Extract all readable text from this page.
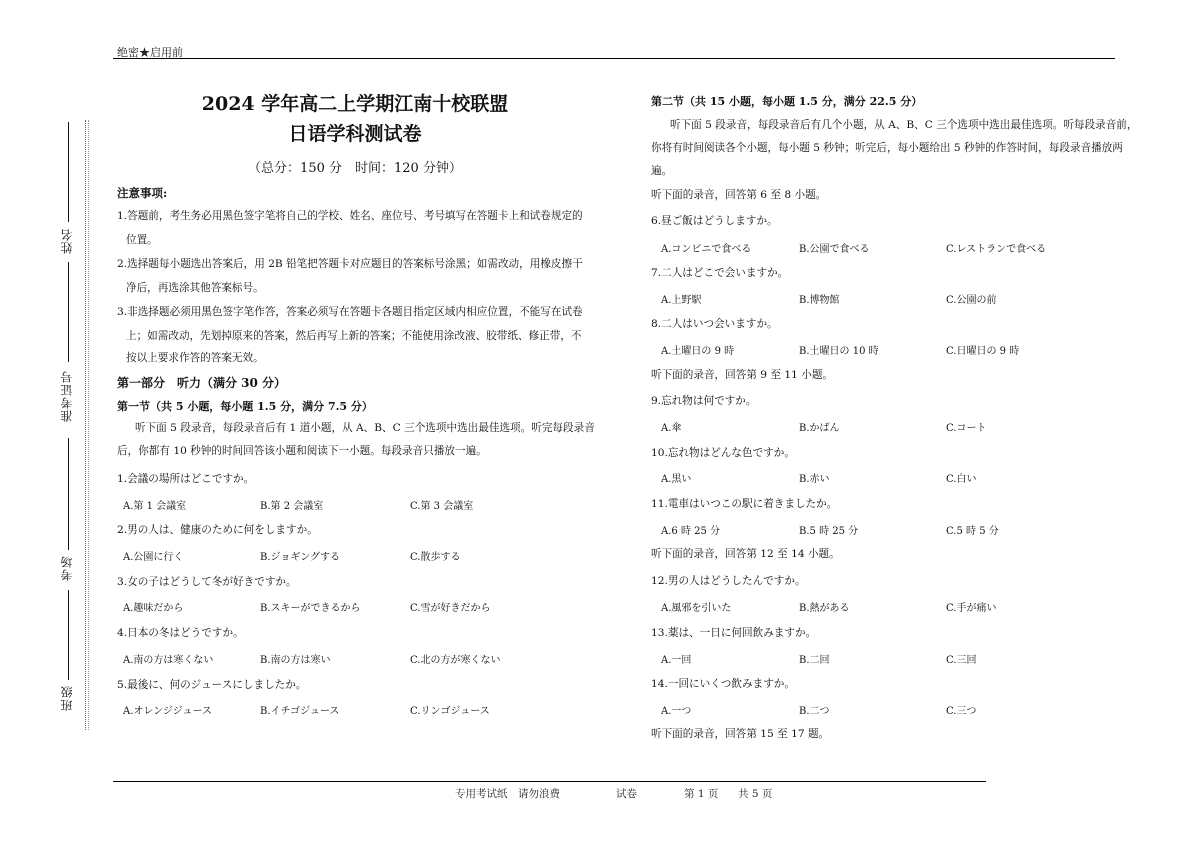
绝密★启用前
姓名
准考证号
考场
班级
2024 学年高二上学期江南十校联盟
日语学科测试卷
（总分：150 分　时间：120 分钟）
注意事项:
1.答题前，考生务必用黑色签字笔将自己的学校、姓名、座位号、考号填写在答题卡上和试卷规定的
位置。
2.选择题每小题选出答案后，用 2B 铅笔把答题卡对应题目的答案标号涂黑；如需改动，用橡皮擦干
净后，再选涂其他答案标号。
3.非选择题必须用黑色签字笔作答，答案必须写在答题卡各题目指定区域内相应位置，不能写在试卷
上；如需改动，先划掉原来的答案，然后再写上新的答案；不能使用涂改液、胶带纸、修正带，不
按以上要求作答的答案无效。
第一部分　听力（满分 30 分）
第一节（共 5 小题，每小题 1.5 分，满分 7.5 分）
听下面 5 段录音，每段录音后有 1 道小题，从 A、B、C 三个选项中选出最佳选项。听完每段录音
后，你都有 10 秒钟的时间回答该小题和阅读下一小题。每段录音只播放一遍。
1.会議の場所はどこですか。
A.第 1 会議室	B.第 2 会議室	C.第 3 会議室
2.男の人は、健康のために何をしますか。
A.公園に行く	B.ジョギングする	C.散歩する
3.女の子はどうして冬が好きですか。
A.趣味だから	B.スキーができるから	C.雪が好きだから
4.日本の冬はどうですか。
A.南の方は寒くない	B.南の方は寒い	C.北の方が寒くない
5.最後に、何のジュースにしましたか。
A.オレンジジュース	B.イチゴジュース	C.リンゴジュース
第二节（共 15 小题，每小题 1.5 分，满分 22.5 分）
听下面 5 段录音，每段录音后有几个小题，从 A、B、C 三个选项中选出最佳选项。听每段录音前，
你将有时间阅读各个小题，每小题 5 秒钟；听完后，每小题给出 5 秒钟的作答时间，每段录音播放两
遍。
听下面的录音，回答第 6 至 8 小题。
6.昼ご飯はどうしますか。
A.コンビニで食べる	B.公園で食べる	C.レストランで食べる
7.二人はどこで会いますか。
A.上野駅	B.博物館	C.公園の前
8.二人はいつ会いますか。
A.土曜日の 9 時	B.土曜日の 10 時	C.日曜日の 9 時
听下面的录音，回答第 9 至 11 小题。
9.忘れ物は何ですか。
A.傘	B.かばん	C.コート
10.忘れ物はどんな色ですか。
A.黒い	B.赤い	C.白い
11.電車はいつこの駅に着きましたか。
A.6 時 25 分	B.5 時 25 分	C.5 時 5 分
听下面的录音，回答第 12 至 14 小题。
12.男の人はどうしたんですか。
A.風邪を引いた	B.熱がある	C.手が痛い
13.薬は、一日に何回飲みますか。
A.一回	B.二回	C.三回
14.一回にいくつ飲みますか。
A.一つ	B.二つ	C.三つ
听下面的录音，回答第 15 至 17 题。
专用考试纸　请勿浪费	试卷	第 1 页 共 5 页
